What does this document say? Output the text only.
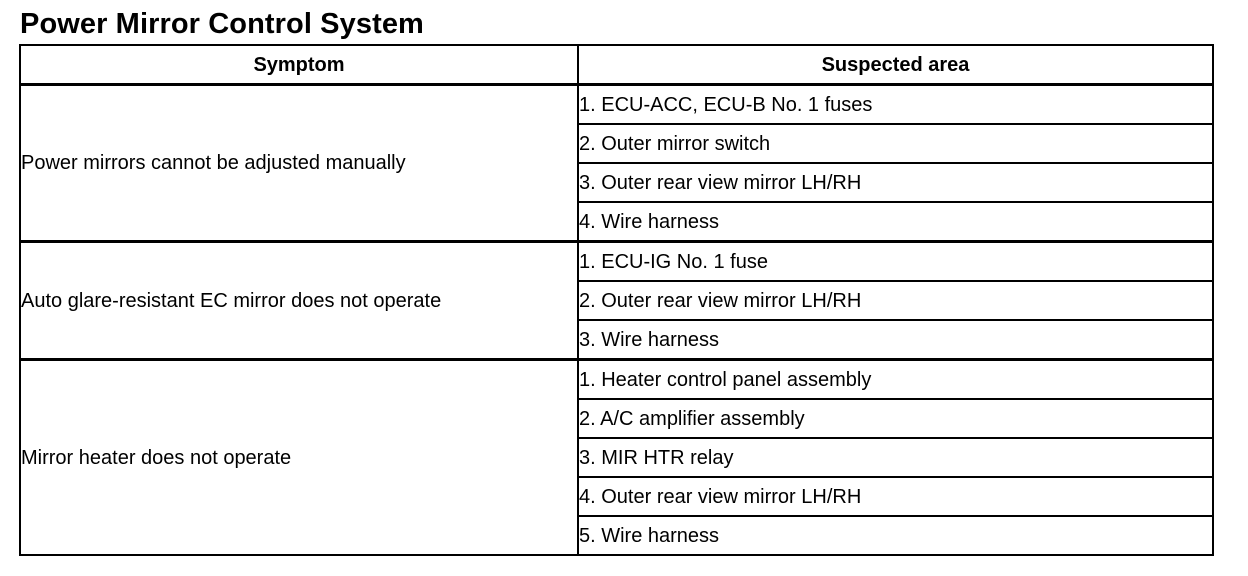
Power Mirror Control System
Symptom	Suspected area
Power mirrors cannot be adjusted manually	1. ECU-ACC, ECU-B No. 1 fuses
	2. Outer mirror switch
	3. Outer rear view mirror LH/RH
	4. Wire harness
Auto glare-resistant EC mirror does not operate	1. ECU-IG No. 1 fuse
	2. Outer rear view mirror LH/RH
	3. Wire harness
Mirror heater does not operate	1. Heater control panel assembly
	2. A/C amplifier assembly
	3. MIR HTR relay
	4. Outer rear view mirror LH/RH
	5. Wire harness
